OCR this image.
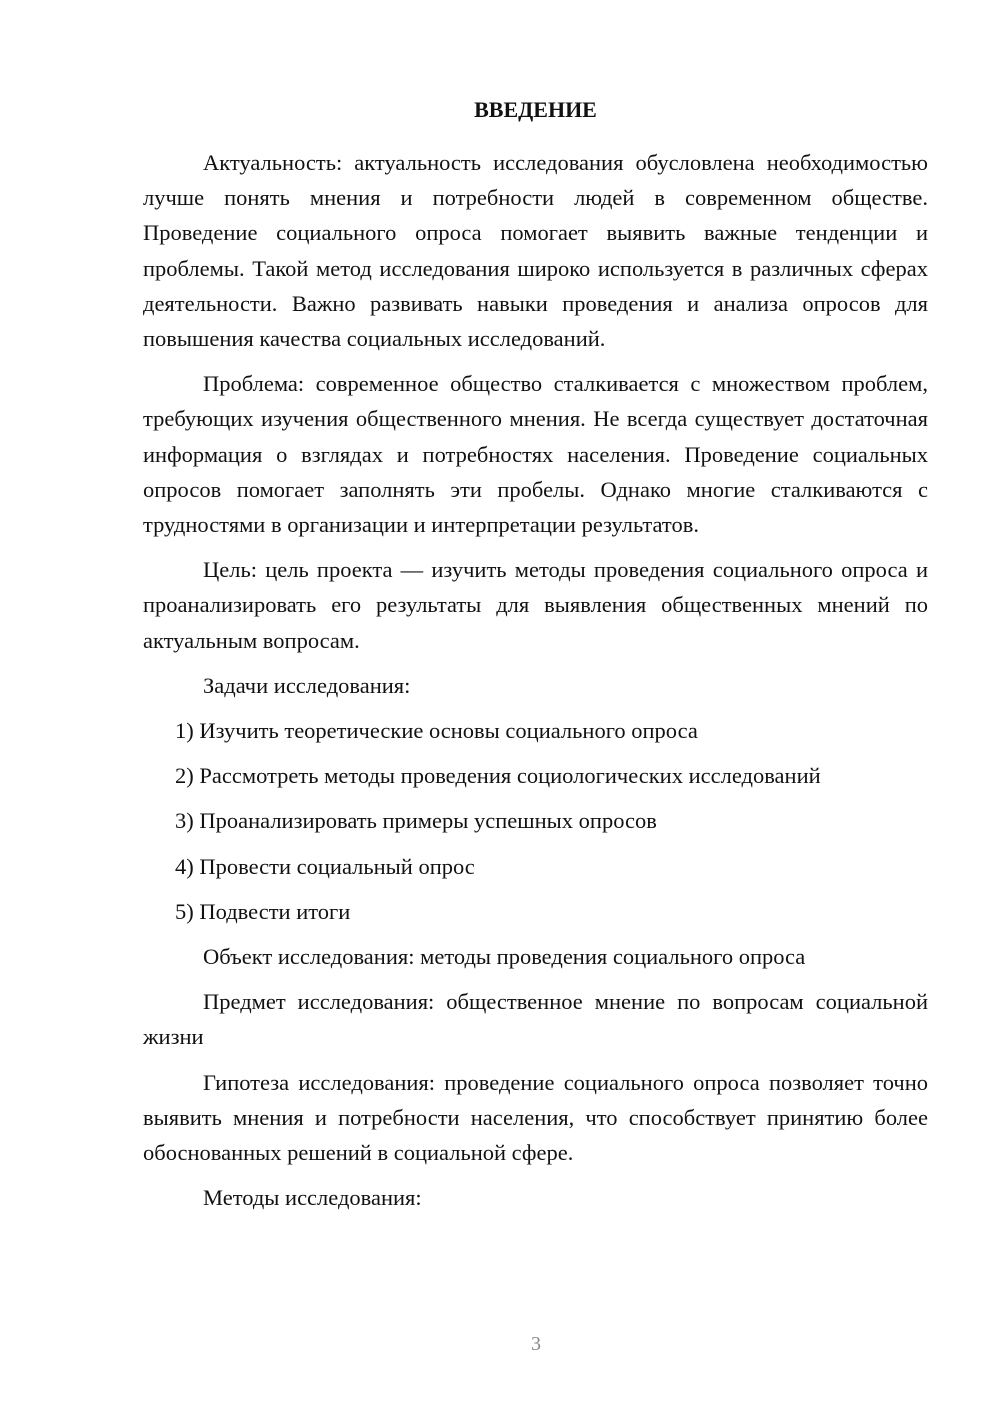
ВВЕДЕНИЕ

Актуальность: актуальность исследования обусловлена необходимостью лучше понять мнения и потребности людей в современном обществе. Проведение социального опроса помогает выявить важные тенденции и проблемы. Такой метод исследования широко используется в различных сферах деятельности. Важно развивать навыки проведения и анализа опросов для повышения качества социальных исследований.

Проблема: современное общество сталкивается с множеством проблем, требующих изучения общественного мнения. Не всегда существует достаточная информация о взглядах и потребностях населения. Проведение социальных опросов помогает заполнять эти пробелы. Однако многие сталкиваются с трудностями в организации и интерпретации результатов.

Цель: цель проекта — изучить методы проведения социального опроса и проанализировать его результаты для выявления общественных мнений по актуальным вопросам.

Задачи исследования:

1) Изучить теоретические основы социального опроса
2) Рассмотреть методы проведения социологических исследований
3) Проанализировать примеры успешных опросов
4) Провести социальный опрос
5) Подвести итоги

Объект исследования: методы проведения социального опроса

Предмет исследования: общественное мнение по вопросам социальной жизни

Гипотеза исследования: проведение социального опроса позволяет точно выявить мнения и потребности населения, что способствует принятию более обоснованных решений в социальной сфере.

Методы исследования:

3
